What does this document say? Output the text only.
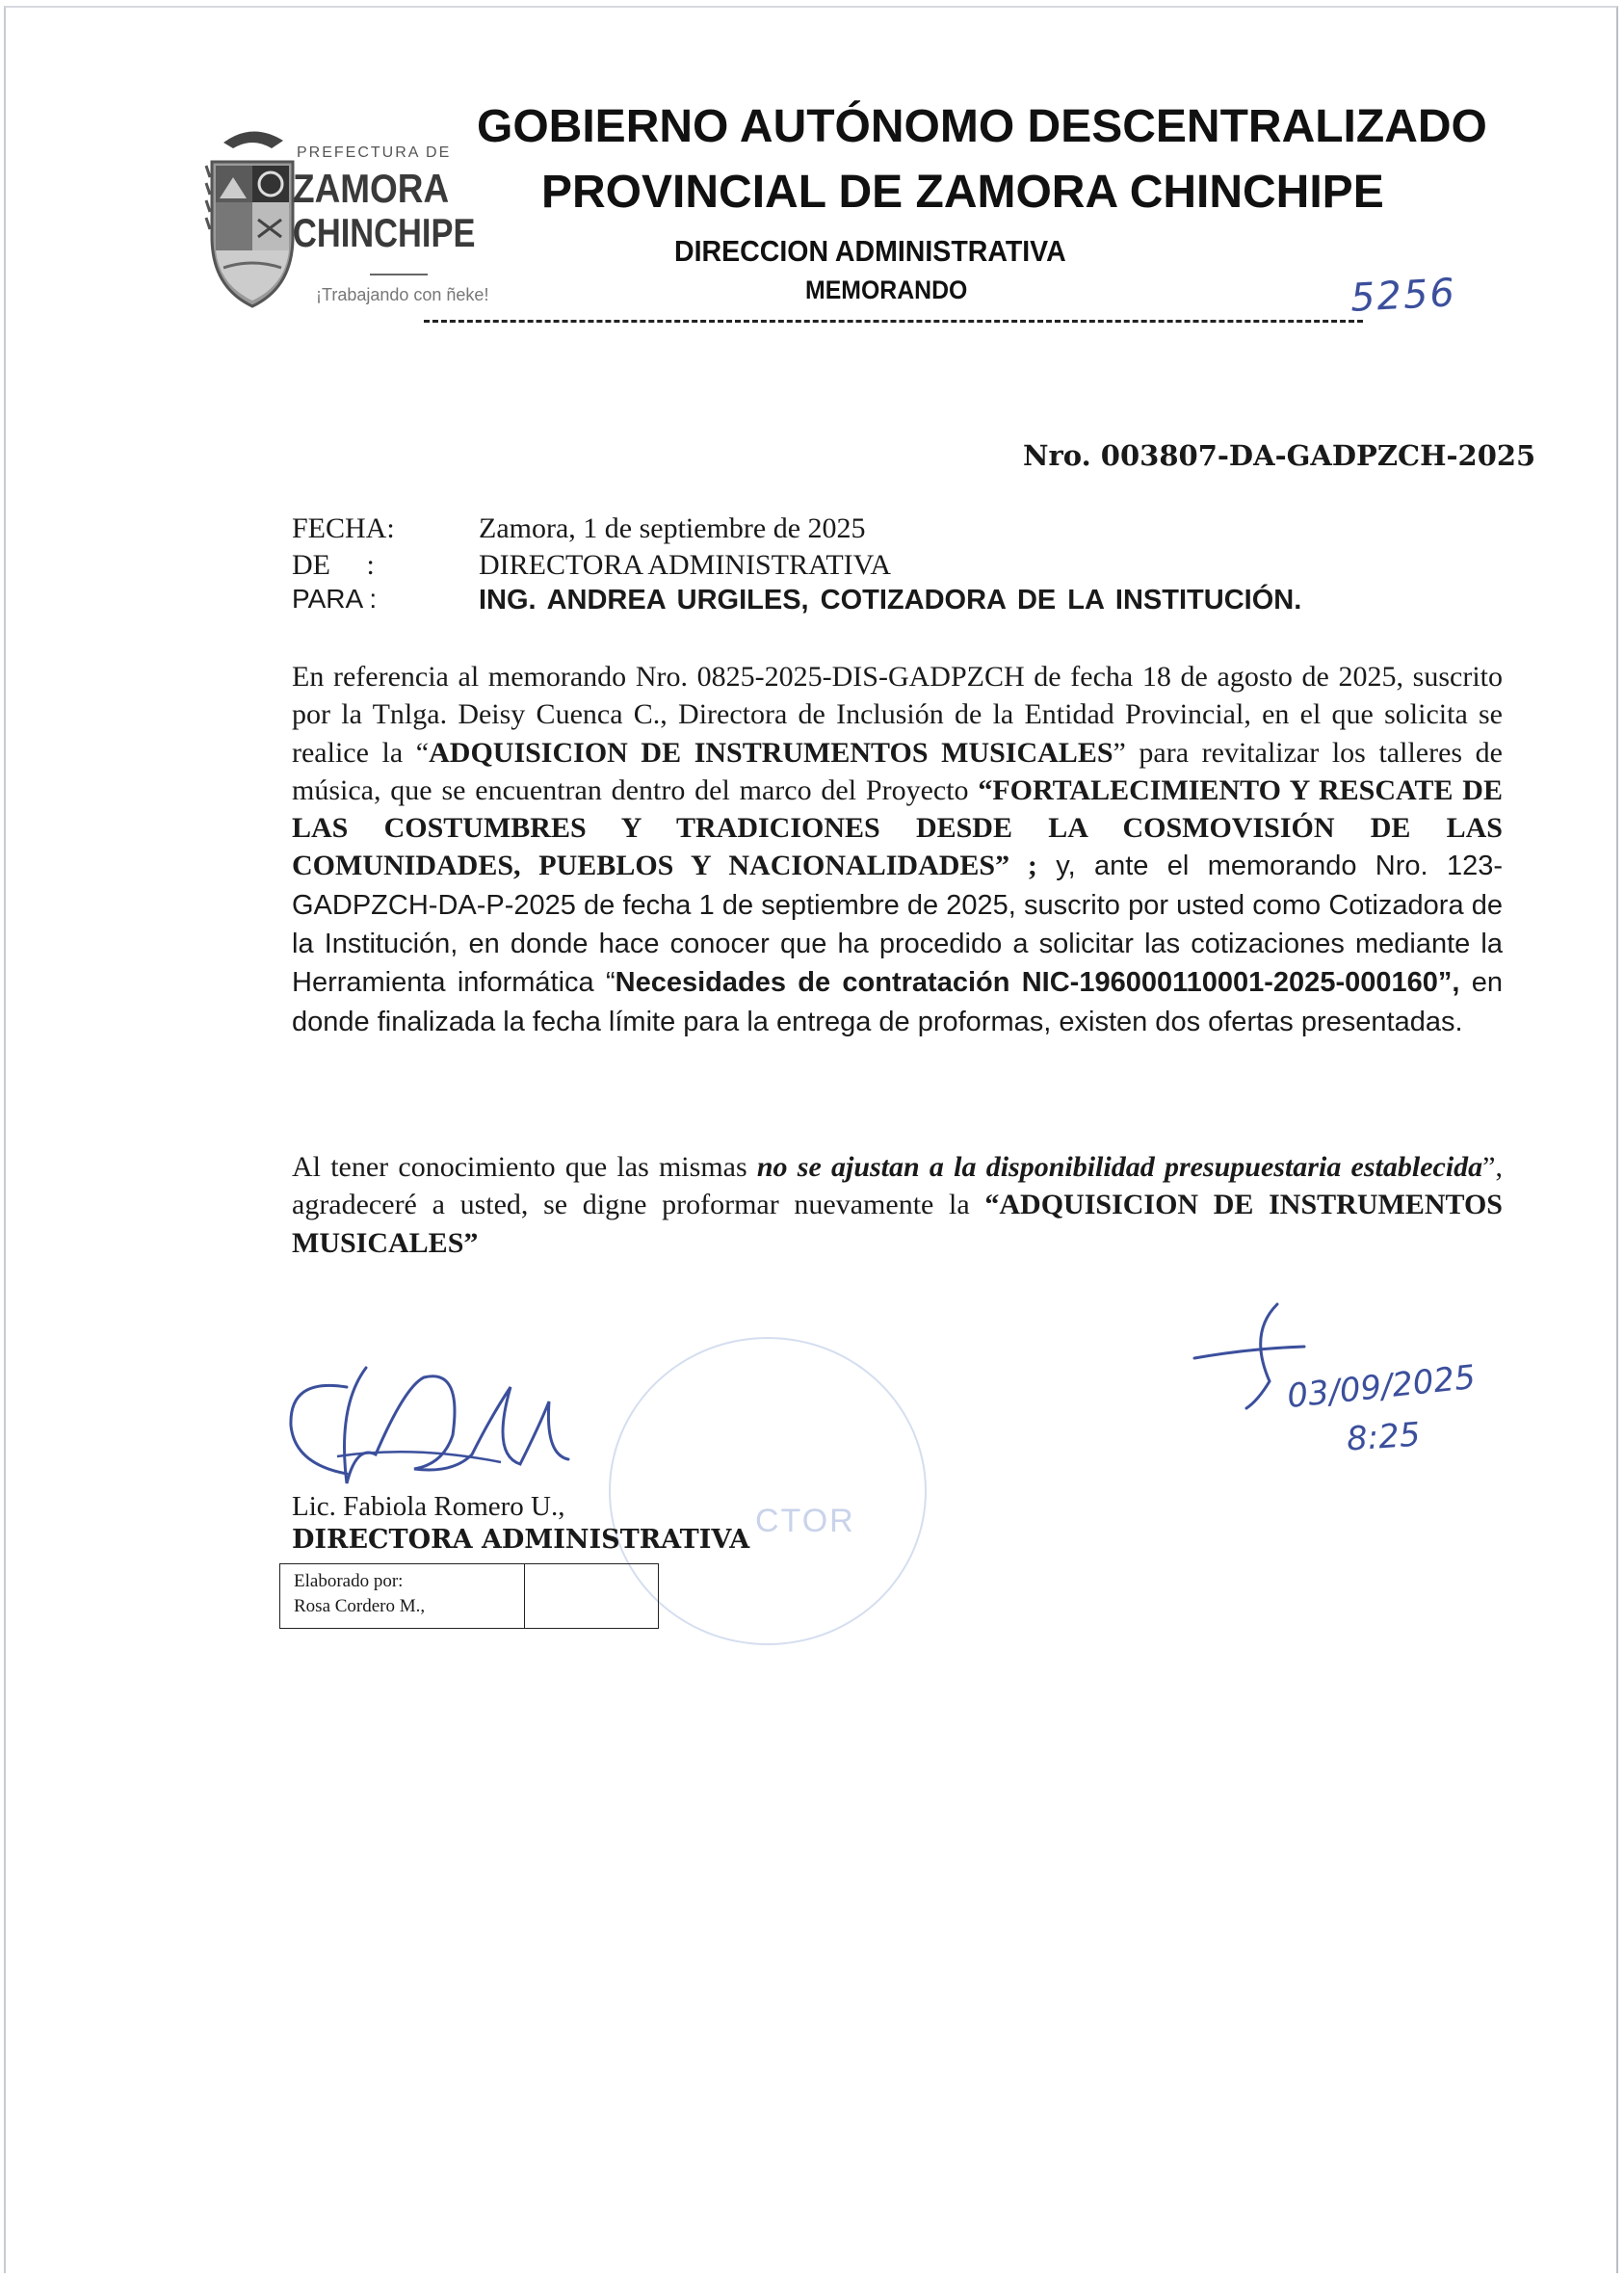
PREFECTURA DE
ZAMORA
CHINCHIPE
¡Trabajando con ñeke!
GOBIERNO AUTÓNOMO DESCENTRALIZADO
PROVINCIAL DE ZAMORA CHINCHIPE
DIRECCION ADMINISTRATIVA
MEMORANDO	5256
Nro. 003807-DA-GADPZCH-2025
FECHA:	Zamora, 1 de septiembre de 2025
DE     :	DIRECTORA ADMINISTRATIVA
PARA :	ING. ANDREA URGILES, COTIZADORA DE LA INSTITUCIÓN.

En referencia al memorando Nro. 0825-2025-DIS-GADPZCH de fecha 18 de agosto de 2025, suscrito por la Tnlga. Deisy Cuenca C., Directora de Inclusión de la Entidad Provincial, en el que solicita se realice la “ADQUISICION DE INSTRUMENTOS MUSICALES” para revitalizar los talleres de música, que se encuentran dentro del marco del Proyecto “FORTALECIMIENTO Y RESCATE DE LAS COSTUMBRES Y TRADICIONES DESDE LA COSMOVISIÓN DE LAS COMUNIDADES, PUEBLOS Y NACIONALIDADES” ; y, ante el memorando Nro. 123-GADPZCH-DA-P-2025 de fecha 1 de septiembre de 2025, suscrito por usted como Cotizadora de la Institución, en donde hace conocer que ha procedido a solicitar las cotizaciones mediante la Herramienta informática “Necesidades de contratación NIC-196000110001-2025-000160”, en donde finalizada la fecha límite para la entrega de proformas, existen dos ofertas presentadas.

Al tener conocimiento que las mismas no se ajustan a la disponibilidad presupuestaria establecida”, agradeceré a usted, se digne proformar nuevamente la “ADQUISICION DE INSTRUMENTOS MUSICALES”

CTOR
Lic. Fabiola Romero U.,
DIRECTORA ADMINISTRATIVA
Elaborado por:
Rosa Cordero M.,

03/09/2025
8:25
